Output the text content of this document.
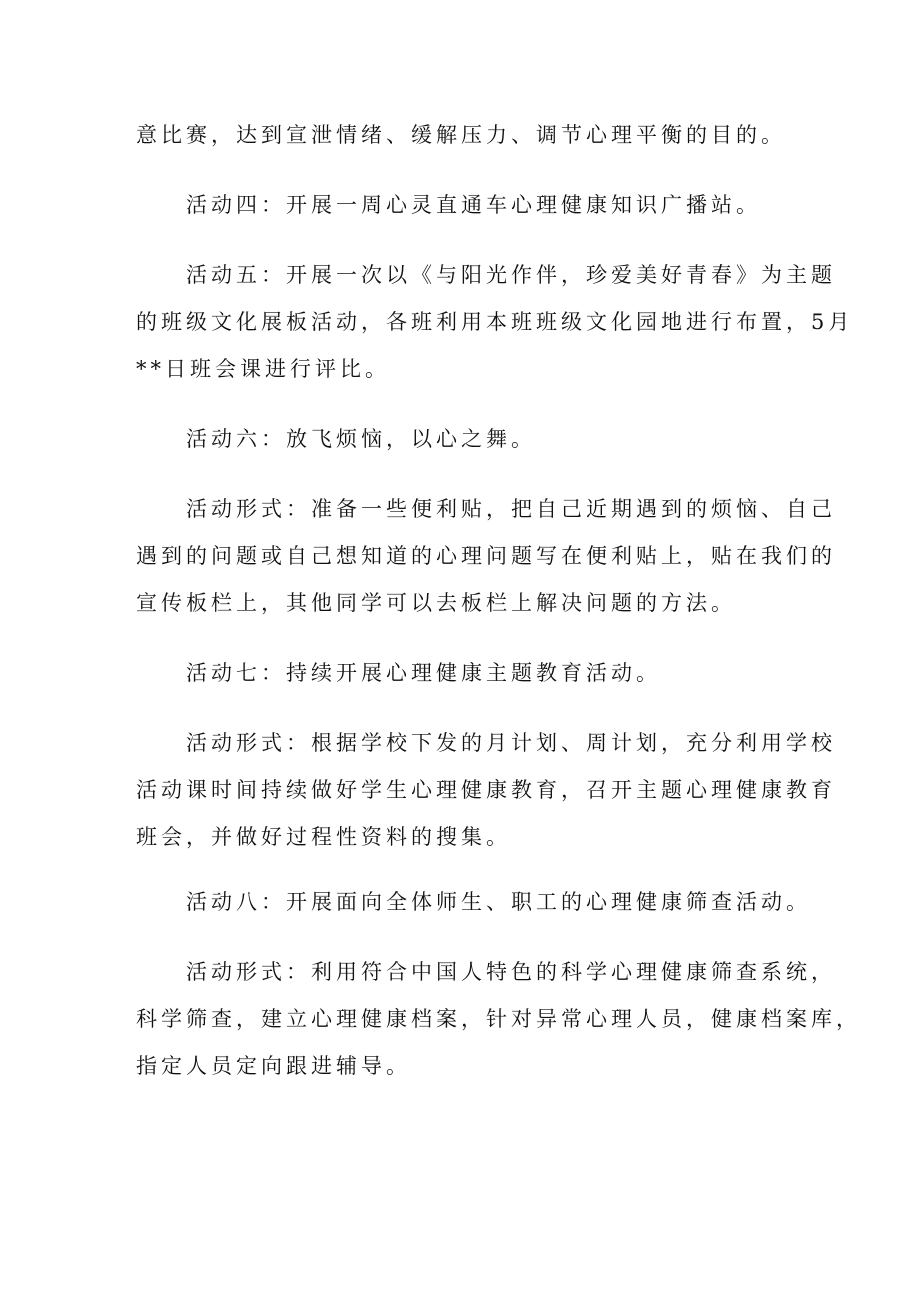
意比赛，达到宣泄情绪、缓解压力、调节心理平衡的目的。

活动四：开展一周心灵直通车心理健康知识广播站。

活动五：开展一次以《与阳光作伴，珍爱美好青春》为主题
的班级文化展板活动，各班利用本班班级文化园地进行布置，5月
**日班会课进行评比。

活动六：放飞烦恼，以心之舞。

活动形式：准备一些便利贴，把自己近期遇到的烦恼、自己
遇到的问题或自己想知道的心理问题写在便利贴上，贴在我们的
宣传板栏上，其他同学可以去板栏上解决问题的方法。

活动七：持续开展心理健康主题教育活动。

活动形式：根据学校下发的月计划、周计划，充分利用学校
活动课时间持续做好学生心理健康教育，召开主题心理健康教育
班会，并做好过程性资料的搜集。

活动八：开展面向全体师生、职工的心理健康筛查活动。

活动形式：利用符合中国人特色的科学心理健康筛查系统，
科学筛查，建立心理健康档案，针对异常心理人员，健康档案库，
指定人员定向跟进辅导。
